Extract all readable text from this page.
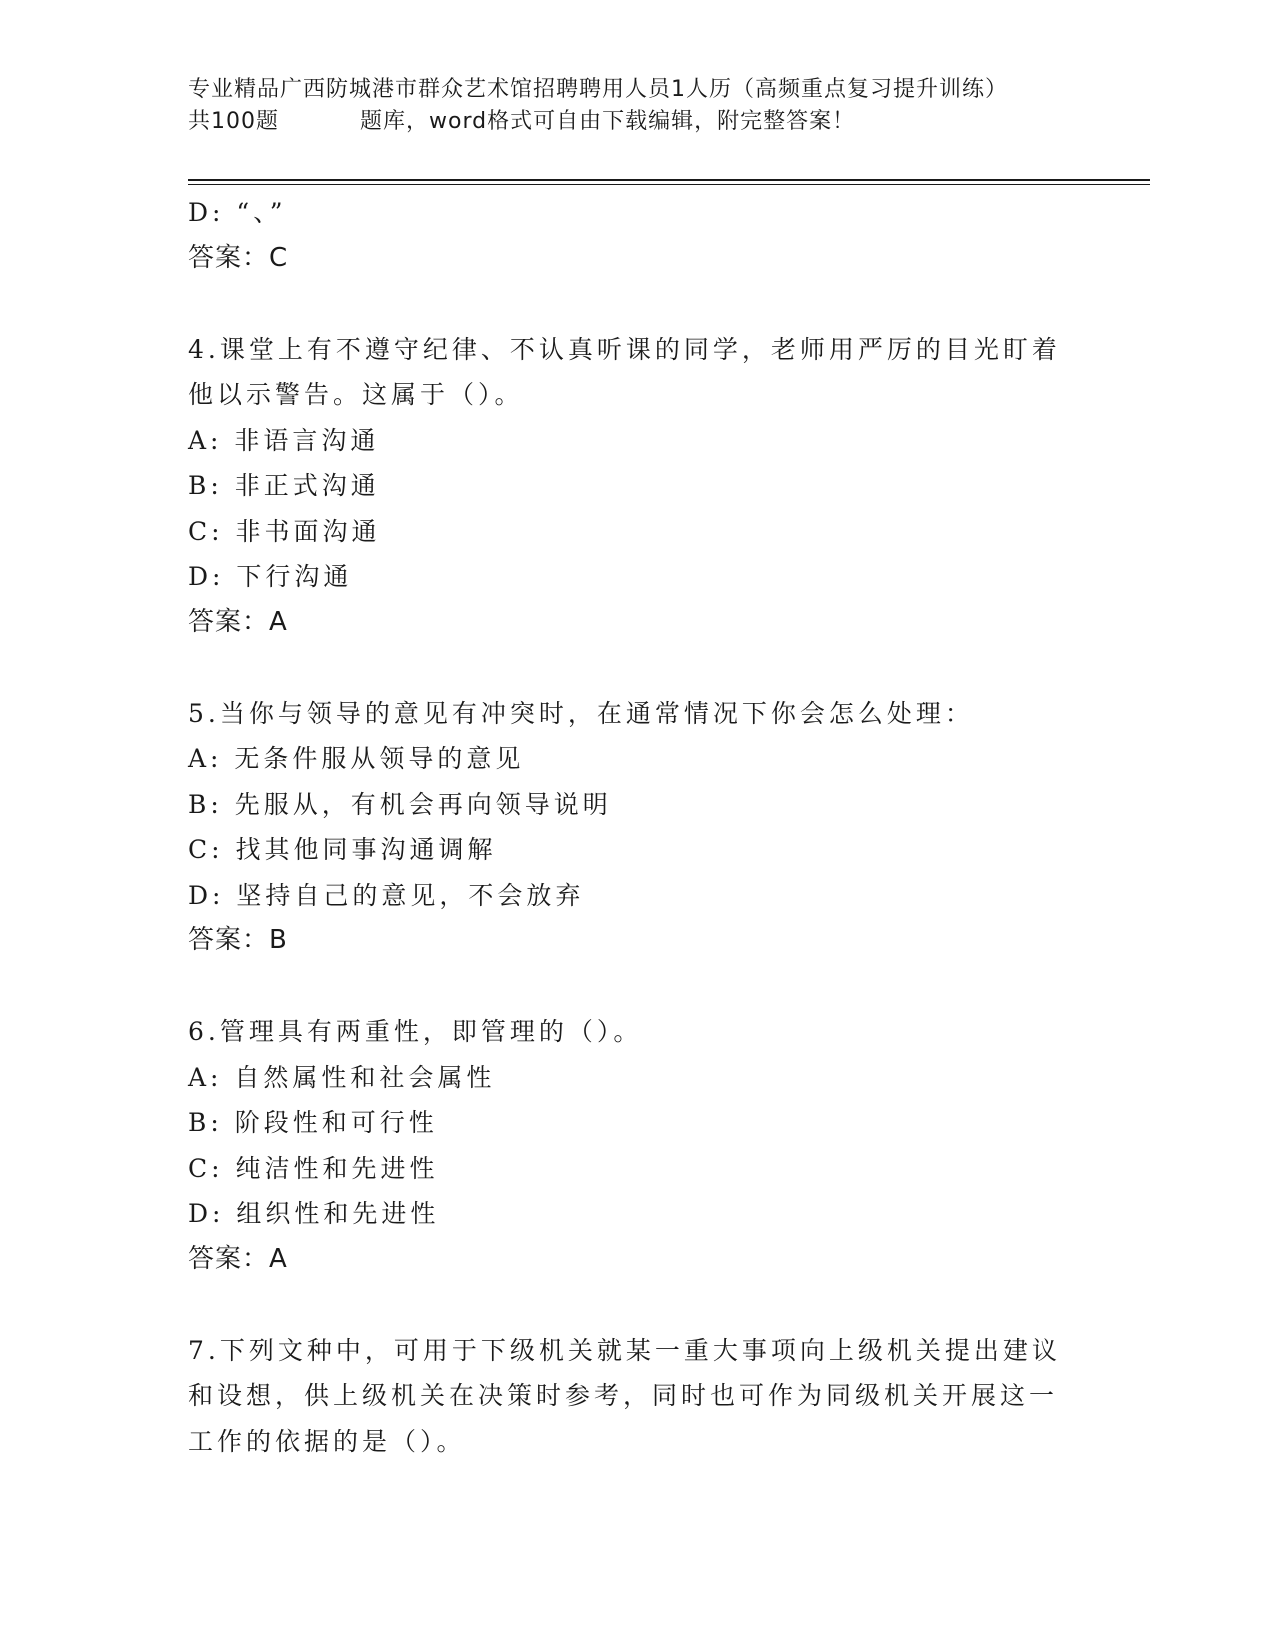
专业精品广西防城港市群众艺术馆招聘聘用人员1人历（高频重点复习提升训练）
共100题	题库，word格式可自由下载编辑，附完整答案！
D: “、”
答案：C
4.课堂上有不遵守纪律、不认真听课的同学，老师用严厉的目光盯着
他以示警告。这属于（）。
A: 非语言沟通
B: 非正式沟通
C: 非书面沟通
D: 下行沟通
答案：A
5.当你与领导的意见有冲突时，在通常情况下你会怎么处理：
A: 无条件服从领导的意见
B: 先服从，有机会再向领导说明
C: 找其他同事沟通调解
D: 坚持自己的意见，不会放弃
答案：B
6.管理具有两重性，即管理的（）。
A: 自然属性和社会属性
B: 阶段性和可行性
C: 纯洁性和先进性
D: 组织性和先进性
答案：A
7.下列文种中，可用于下级机关就某一重大事项向上级机关提出建议
和设想，供上级机关在决策时参考，同时也可作为同级机关开展这一
工作的依据的是（）。
